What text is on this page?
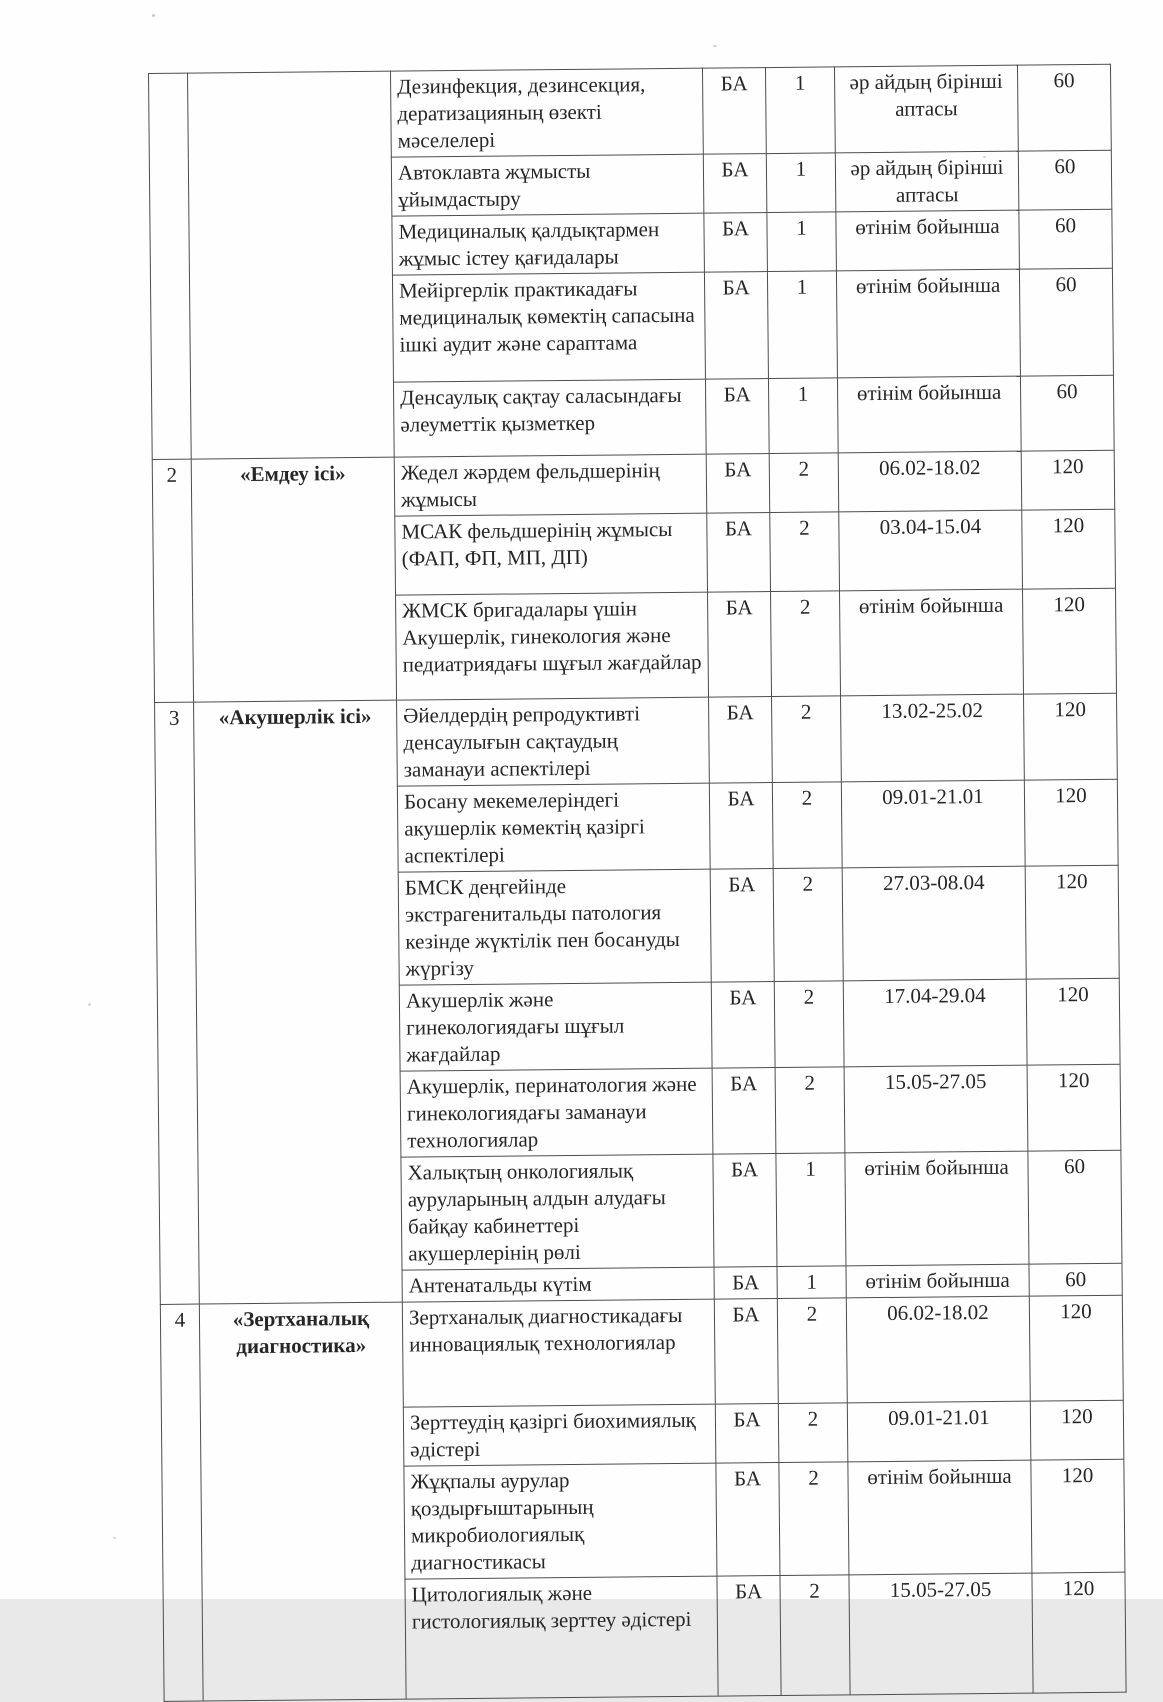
		Дезинфекция, дезинсекция, дератизацияның өзекті мәселелері	БА	1	әр айдың бірінші аптасы	60
		Автоклавта жұмысты ұйымдастыру	БА	1	әр айдың бірінші аптасы	60
		Медициналық қалдықтармен жұмыс істеу қағидалары	БА	1	өтінім бойынша	60
		Мейіргерлік практикадағы медициналық көмектің сапасына ішкі аудит және сараптама	БА	1	өтінім бойынша	60
		Денсаулық сақтау саласындағы әлеуметтік қызметкер	БА	1	өтінім бойынша	60
2	«Емдеу ісі»	Жедел жәрдем фельдшерінің жұмысы	БА	2	06.02-18.02	120
		МСАК фельдшерінің жұмысы (ФАП, ФП, МП, ДП)	БА	2	03.04-15.04	120
		ЖМСК бригадалары үшін Акушерлік, гинекология және педиатриядағы шұғыл жағдайлар	БА	2	өтінім бойынша	120
3	«Акушерлік ісі»	Әйелдердің репродуктивті денсаулығын сақтаудың заманауи аспектілері	БА	2	13.02-25.02	120
		Босану мекемелеріндегі акушерлік көмектің қазіргі аспектілері	БА	2	09.01-21.01	120
		БМСК деңгейінде экстрагенитальды патология кезінде жүктілік пен босануды жүргізу	БА	2	27.03-08.04	120
		Акушерлік және гинекологиядағы шұғыл жағдайлар	БА	2	17.04-29.04	120
		Акушерлік, перинатология және гинекологиядағы заманауи технологиялар	БА	2	15.05-27.05	120
		Халықтың онкологиялық ауруларының алдын алудағы байқау кабинеттері акушерлерінің рөлі	БА	1	өтінім бойынша	60
		Антенатальды күтім	БА	1	өтінім бойынша	60
4	«Зертханалық диагностика»	Зертханалық диагностикадағы инновациялық технологиялар	БА	2	06.02-18.02	120
		Зерттеудің қазіргі биохимиялық әдістері	БА	2	09.01-21.01	120
		Жұқпалы аурулар қоздырғыштарының микробиологиялық диагностикасы	БА	2	өтінім бойынша	120
		Цитологиялық және гистологиялық зерттеу әдістері	БА	2	15.05-27.05	120
